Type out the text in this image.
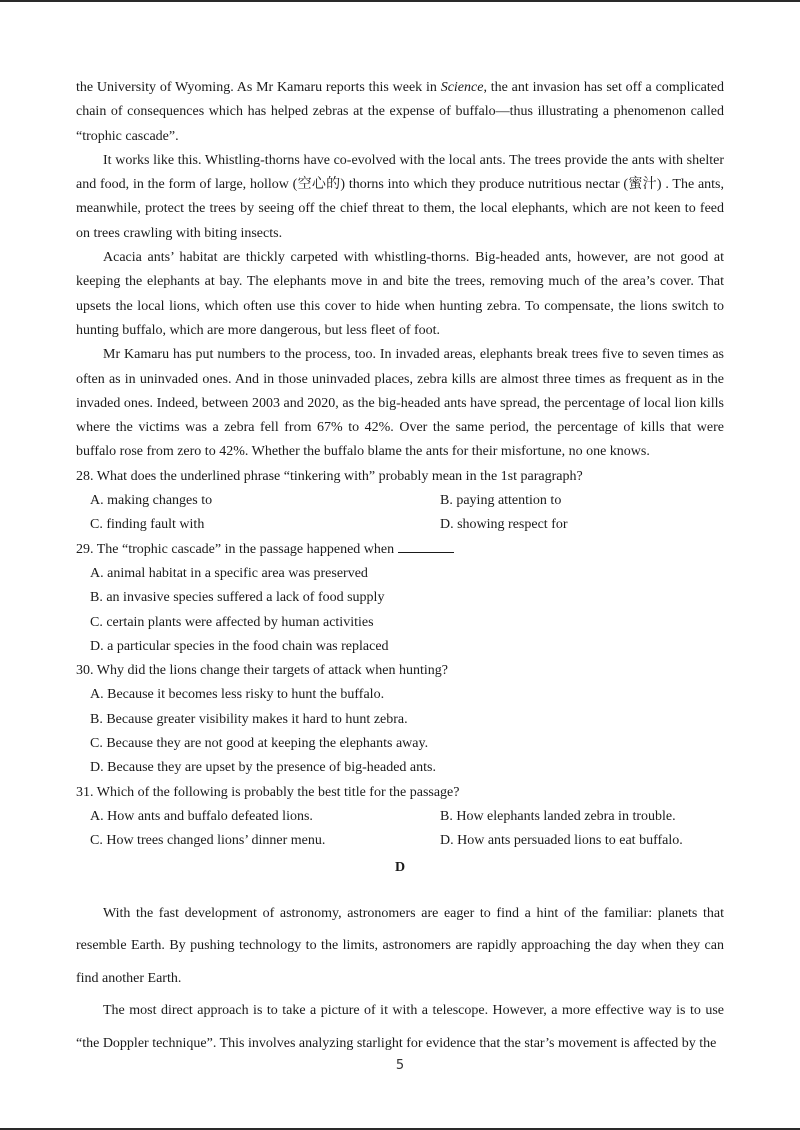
the University of Wyoming. As Mr Kamaru reports this week in Science, the ant invasion has set off a complicated chain of consequences which has helped zebras at the expense of buffalo—thus illustrating a phenomenon called “trophic cascade”.

It works like this. Whistling-thorns have co-evolved with the local ants. The trees provide the ants with shelter and food, in the form of large, hollow (空心的) thorns into which they produce nutritious nectar (蜜汁) . The ants, meanwhile, protect the trees by seeing off the chief threat to them, the local elephants, which are not keen to feed on trees crawling with biting insects.

Acacia ants’ habitat are thickly carpeted with whistling-thorns. Big-headed ants, however, are not good at keeping the elephants at bay. The elephants move in and bite the trees, removing much of the area’s cover. That upsets the local lions, which often use this cover to hide when hunting zebra. To compensate, the lions switch to hunting buffalo, which are more dangerous, but less fleet of foot.

Mr Kamaru has put numbers to the process, too. In invaded areas, elephants break trees five to seven times as often as in uninvaded ones. And in those uninvaded places, zebra kills are almost three times as frequent as in the invaded ones. Indeed, between 2003 and 2020, as the big-headed ants have spread, the percentage of local lion kills where the victims was a zebra fell from 67% to 42%. Over the same period, the percentage of kills that were buffalo rose from zero to 42%. Whether the buffalo blame the ants for their misfortune, no one knows.

28. What does the underlined phrase “tinkering with” probably mean in the 1st paragraph?

A. making changes to	B. paying attention to

C. finding fault with	D. showing respect for

29. The “trophic cascade” in the passage happened when

A. animal habitat in a specific area was preserved

B. an invasive species suffered a lack of food supply

C. certain plants were affected by human activities

D. a particular species in the food chain was replaced

30. Why did the lions change their targets of attack when hunting?

A. Because it becomes less risky to hunt the buffalo.

B. Because greater visibility makes it hard to hunt zebra.

C. Because they are not good at keeping the elephants away.

D. Because they are upset by the presence of big-headed ants.

31. Which of the following is probably the best title for the passage?

A. How ants and buffalo defeated lions.	B. How elephants landed zebra in trouble.

C. How trees changed lions’ dinner menu.	D. How ants persuaded lions to eat buffalo.

D

With the fast development of astronomy, astronomers are eager to find a hint of the familiar: planets that resemble Earth. By pushing technology to the limits, astronomers are rapidly approaching the day when they can find another Earth.

The most direct approach is to take a picture of it with a telescope. However, a more effective way is to use “the Doppler technique”. This involves analyzing starlight for evidence that the star’s movement is affected by the

5
